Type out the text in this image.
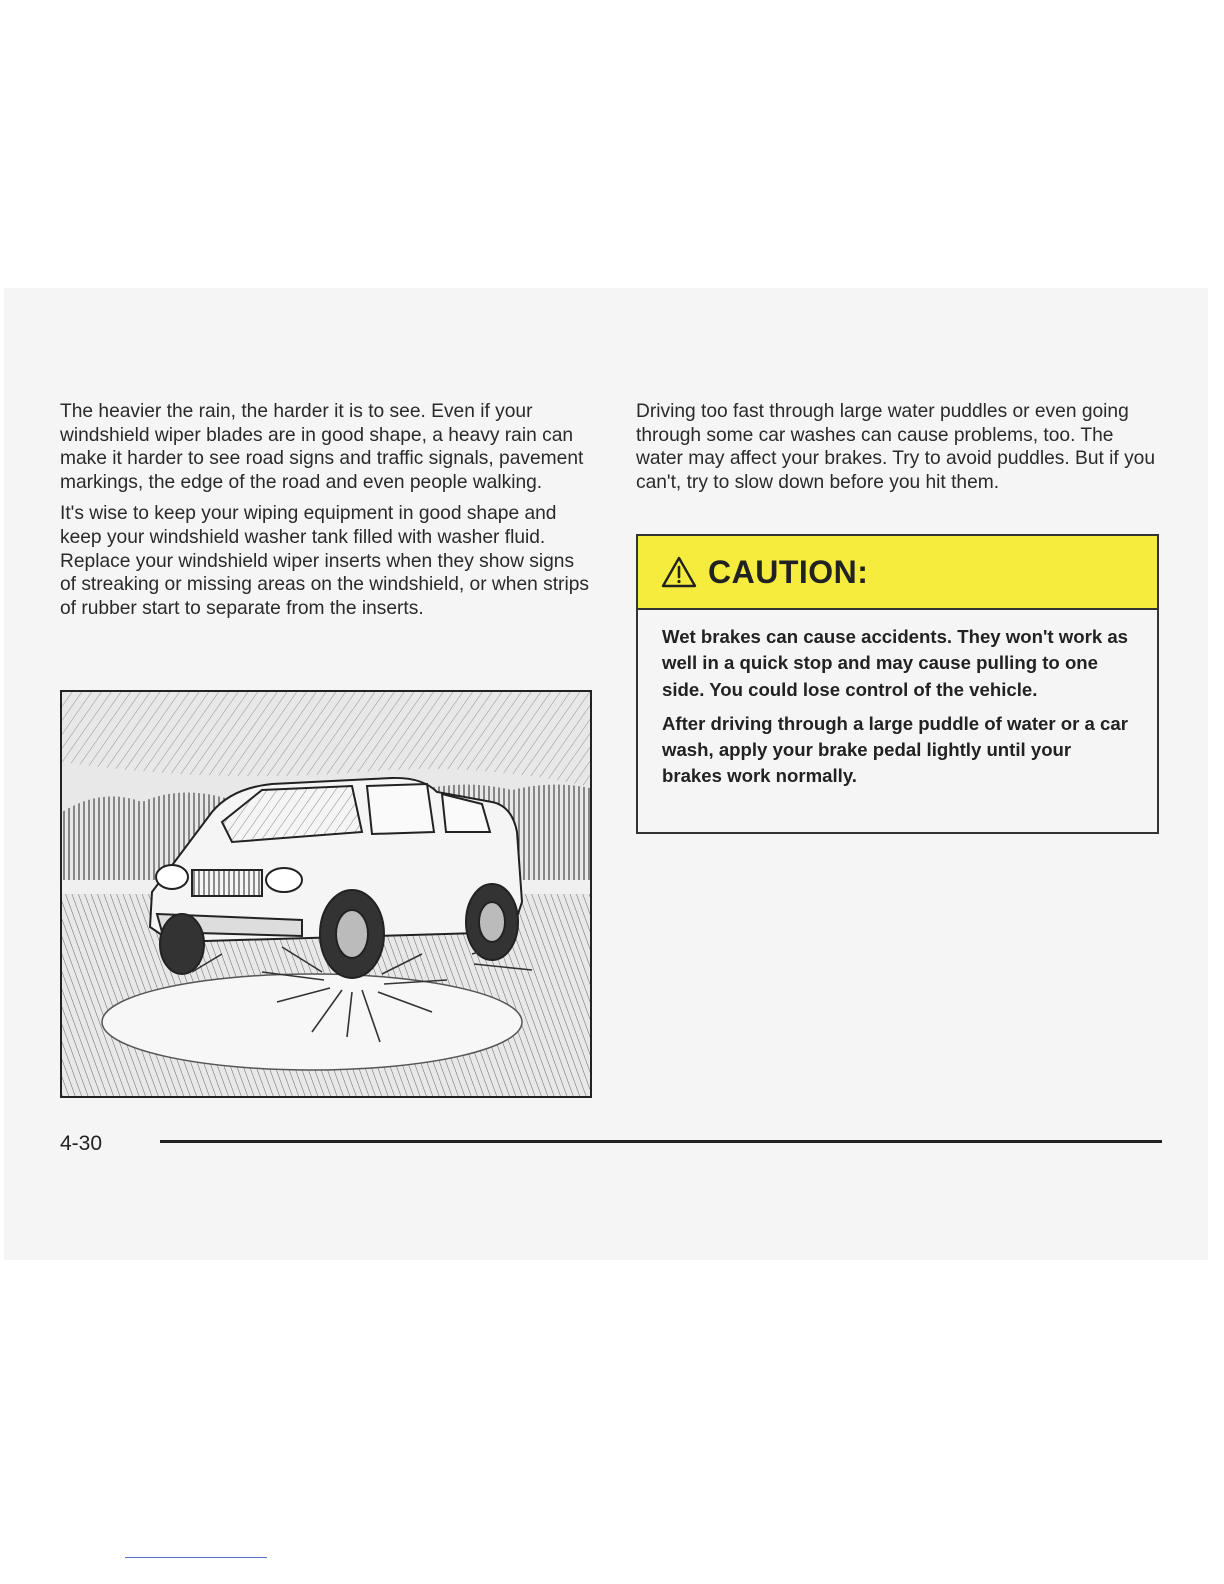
The heavier the rain, the harder it is to see. Even if your windshield wiper blades are in good shape, a heavy rain can make it harder to see road signs and traffic signals, pavement markings, the edge of the road and even people walking.

It's wise to keep your wiping equipment in good shape and keep your windshield washer tank filled with washer fluid. Replace your windshield wiper inserts when they show signs of streaking or missing areas on the windshield, or when strips of rubber start to separate from the inserts.

Driving too fast through large water puddles or even going through some car washes can cause problems, too. The water may affect your brakes. Try to avoid puddles. But if you can't, try to slow down before you hit them.

CAUTION:

Wet brakes can cause accidents. They won't work as well in a quick stop and may cause pulling to one side. You could lose control of the vehicle.

After driving through a large puddle of water or a car wash, apply your brake pedal lightly until your brakes work normally.

4-30
